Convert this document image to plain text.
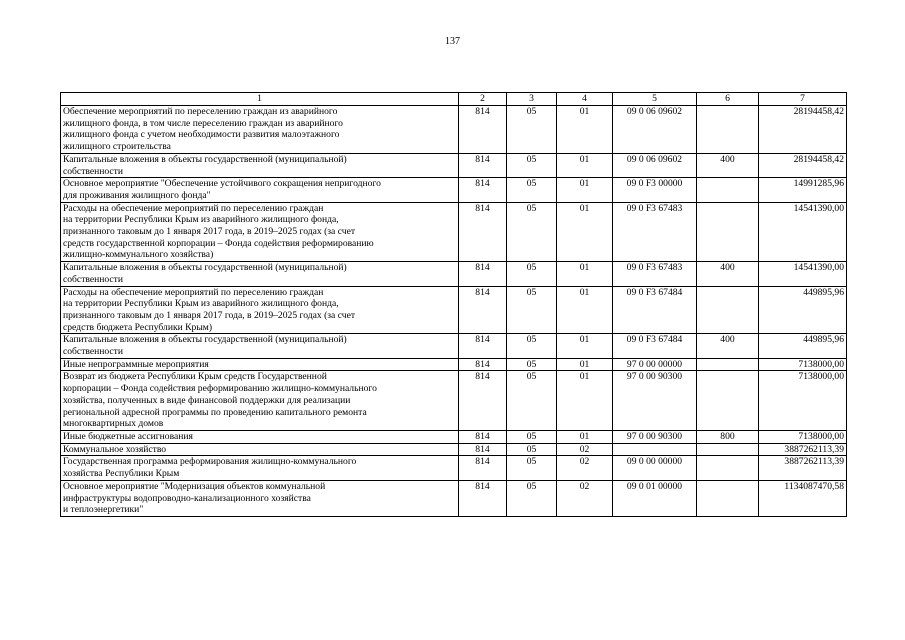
137
1	2	3	4	5	6	7
Обеспечение мероприятий по переселению граждан из аварийного
жилищного фонда, в том числе переселению граждан из аварийного
жилищного фонда с учетом необходимости развития малоэтажного
жилищного строительства	814	05	01	09 0 06 09602		28194458,42
Капитальные вложения в объекты государственной (муниципальной)
собственности	814	05	01	09 0 06 09602	400	28194458,42
Основное мероприятие "Обеспечение устойчивого сокращения непригодного
для проживания жилищного фонда"	814	05	01	09 0 F3 00000		14991285,96
Расходы на обеспечение мероприятий по переселению граждан
на территории Республики Крым из аварийного жилищного фонда,
признанного таковым до 1 января 2017 года, в 2019–2025 годах (за счет
средств государственной корпорации – Фонда содействия реформированию
жилищно-коммунального хозяйства)	814	05	01	09 0 F3 67483		14541390,00
Капитальные вложения в объекты государственной (муниципальной)
собственности	814	05	01	09 0 F3 67483	400	14541390,00
Расходы на обеспечение мероприятий по переселению граждан
на территории Республики Крым из аварийного жилищного фонда,
признанного таковым до 1 января 2017 года, в 2019–2025 годах (за счет
средств бюджета Республики Крым)	814	05	01	09 0 F3 67484		449895,96
Капитальные вложения в объекты государственной (муниципальной)
собственности	814	05	01	09 0 F3 67484	400	449895,96
Иные непрограммные мероприятия	814	05	01	97 0 00 00000		7138000,00
Возврат из бюджета Республики Крым средств Государственной
корпорации – Фонда содействия реформированию жилищно-коммунального
хозяйства, полученных в виде финансовой поддержки для реализации
региональной адресной программы по проведению капитального ремонта
многоквартирных домов	814	05	01	97 0 00 90300		7138000,00
Иные бюджетные ассигнования	814	05	01	97 0 00 90300	800	7138000,00
Коммунальное хозяйство	814	05	02			3887262113,39
Государственная программа реформирования жилищно-коммунального
хозяйства Республики Крым	814	05	02	09 0 00 00000		3887262113,39
Основное мероприятие "Модернизация объектов коммунальной
инфраструктуры водопроводно-канализационного хозяйства
и теплоэнергетики"	814	05	02	09 0 01 00000		1134087470,58
